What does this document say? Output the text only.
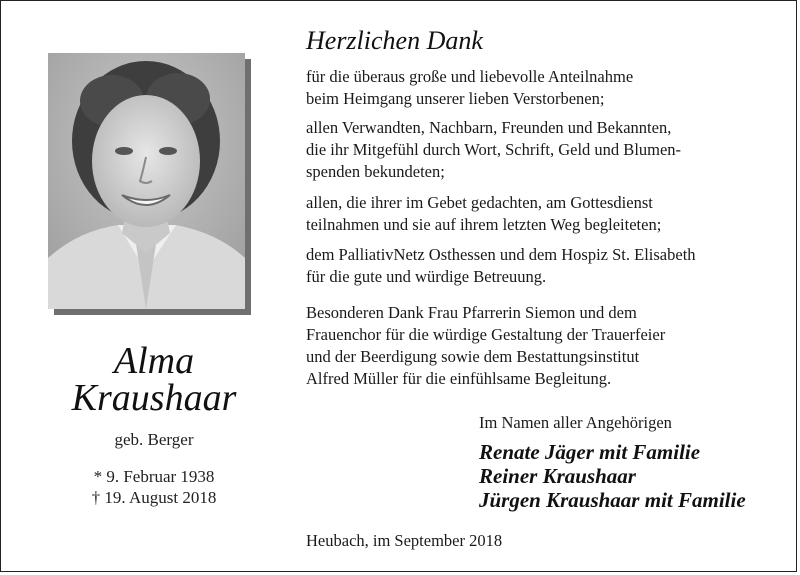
Alma
Kraushaar
geb. Berger
* 9. Februar 1938
† 19. August 2018
Herzlichen Dank
für die überaus große und liebevolle Anteilnahme
beim Heimgang unserer lieben Verstorbenen;
allen Verwandten, Nachbarn, Freunden und Bekannten,
die ihr Mitgefühl durch Wort, Schrift, Geld und Blumen-
spenden bekundeten;
allen, die ihrer im Gebet gedachten, am Gottesdienst
teilnahmen und sie auf ihrem letzten Weg begleiteten;
dem PalliativNetz Osthessen und dem Hospiz St. Elisabeth
für die gute und würdige Betreuung.
Besonderen Dank Frau Pfarrerin Siemon und dem
Frauenchor für die würdige Gestaltung der Trauerfeier
und der Beerdigung sowie dem Bestattungsinstitut
Alfred Müller für die einfühlsame Begleitung.
Im Namen aller Angehörigen
Renate Jäger mit Familie
Reiner Kraushaar
Jürgen Kraushaar mit Familie
Heubach, im September 2018
